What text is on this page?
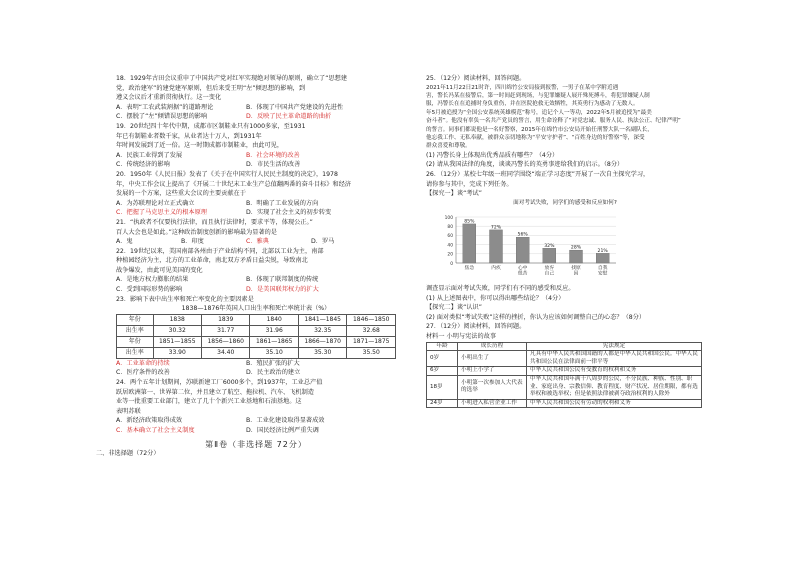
18．1929年古田会议重申了中国共产党对红军实现绝对领导的原则，确立了“思想建
党，政治建军”的建党建军原则，但后来受王明“左”倾思想的影响，到
遵义会议后才重新贯彻执行。这一变化
A．表明“工农武装割据”的道路理论	B．体现了中国共产党建设的先进性
C．摆脱了“左”倾错误思想的影响	D．反映了民主革命道路的曲折
19．20世纪四十年代中期，成都市区制鞋业只有1000多家，至1931
年已有制鞋业者数千家，从业者达十万人，到1931年
年时间发展到了近一倍。这一时期成都市制鞋业，由此可见，
A．民族工业得到了发展	B．社会环境的改善
C．传统经济的影响	D．市民生活的改善
20．1950年《人民日报》发表了《关于在中国实行人民民主制度的决定》，1978
年，中央工作会议上提出了《开展二十世纪末工业生产总值翻两番的奋斗目标》和经济
发展的一个方案，这些重大会议的主要贡献在于
A．为苏联理论对立正式确立	B．明确了工业发展的方向
C．把握了马克思主义的根本原理	D．实现了社会主义的初步转变
21．“执政者不仅要执行法律，而且执行法律时，要求平等，体现公正。”
百人大会也是如此。”这种政治制度创新的影响最为显著的是
A．鬼	B．印度	C．雅典	D．罗马
22．19世纪以来，美国南部各州由于产业结构不同，北部以工业为主，南部
种植园经济为主，北方的工业革命，南北双方矛盾日益尖锐，导致南北
战争爆发，由此可见美国的变化
A．是地方权力膨胀的结果	B．体现了联邦制度的传统
C．受到国际形势的影响	D．是美国联邦权力的扩大
23．影响下表中出生率和死亡率变化的主要因素是
1838—1876年英国人口出生率和死亡率统计表（%）
年份	1838	1839	1840	1841—1845	1846—1850
出生率	30.32	31.77	31.96	32.35	32.68
年份	1851—1855	1856—1860	1861—1865	1866—1870	1871—1875
出生率	33.90	34.40	35.10	35.30	35.50
A．工业革命的持续	B．殖民扩张的扩大
C．医疗条件的改善	D．民主政治的建立
24．两个五年计划期间，苏联新建工厂6000多个，到1937年，工业总产值
跃居欧洲第一、世界第二位，并且建立了航空、拖拉机、汽车、飞机制造
业等一批重要工业部门，建立了几十个新兴工业基地和石油基地。这
表明苏联
A．新经济政策取得成效	B．工业化建设取得显著成效
C．基本确立了社会主义制度	D．国民经济比例严重失调
第Ⅱ卷（非选择题 72分）
二、非选择题（72分）
25．（12分）阅读材料，回答问题。
2021年11月22日21时许，四川绵竹公安局接到报警，一男子在某中学附近遇
害，警长冯某在接警后，第一时间赶到现场，与犯罪嫌疑人展开殊死搏斗，将犯罪嫌疑人制
服，冯警长在在追捕时身负重伤，并在医院抢救无效牺牲，其英勇行为感动了无数人。
年5月被追授为“全国公安系统英雄模范”称号，追记个人一等功，2022年5月被追授为“最美
奋斗者”。他没有辜负一名共产党员的誓言，用生命诠释了“对党忠诚、服务人民、执法公正、纪律严明”
的誓言。同事们都说他是一名好警察，2015年在绵竹市公安局开始任刑警大队一名副队长，
他忘我工作、无私奉献，被群众亲切地称为“平安守护者”、“百姓身边的好警察”等，深受
群众喜爱和尊敬。
(1) 冯警长身上体现出优秀品质有哪些？（4分）
(2) 请从我国法律的角度，谈谈冯警长的英勇事迹给我们的启示。（8分）
26．（12分）某校七年级一班同学围绕“端正学习态度”开展了一次自主探究学习，
请你参与其中，完成下列任务。
【探究一】谈“考试”
面对考试失败，同学们的感受和反应如何?
100
80
60
40
20
0
85%
焦急
72%
内疚
56%
心中
很苦
32%
放弃
自己
28%
找原
因
21%
自我
安慰
调查显示面对考试失败，同学们有不同的感受和反应。
(1) 从上述图表中，你可以得出哪些结论？（4分）
【探究二】谈“认识”
(2) 面对类似“考试失败”这样的挫折，你认为应该如何调整自己的心态？（8分）
27．（12分）阅读材料，回答问题。
材料一 小明与宪法的故事
年龄	成长历程	宪法规定
0岁	小明出生了	凡具有中华人民共和国国籍的人都是中华人民共和国公民。中华人民共和国公民在法律面前一律平等
6岁	小明上小学了	中华人民共和国公民有受教育的权利和义务
18岁	小明第一次参加人大代表的选举	中华人民共和国年满十八周岁的公民，不分民族、种族、性别、职业、家庭出身、宗教信仰、教育程度、财产状况、居住期限，都有选举权和被选举权；但是依照法律被剥夺政治权利的人除外
24岁	小明进入私营企业工作	中华人民共和国公民有劳动的权利和义务
